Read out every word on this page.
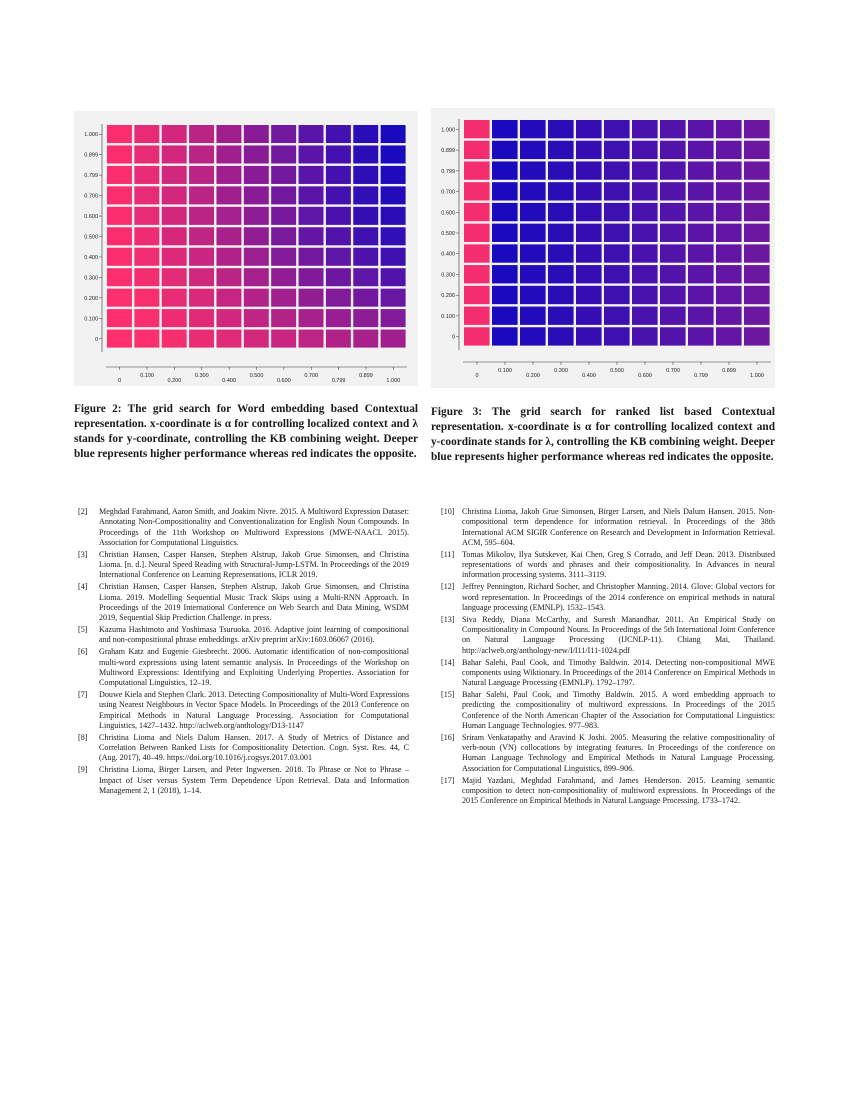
1.000
0.899
0.799
0.700
0.600
0.500
0.400
0.300
0.200
0.100
0
0
0.100
0.200
0.300
0.400
0.500
0.600
0.700
0.799
0.899
1.000
Figure 2: The grid search for Word embedding based Contextual representation. x-coordinate is α for controlling localized context and λ stands for y-coordinate, controlling the KB combining weight. Deeper blue represents higher performance whereas red indicates the opposite.
1.000
0.899
0.799
0.700
0.600
0.500
0.400
0.300
0.200
0.100
0
0
0.100
0.200
0.300
0.400
0.500
0.600
0.700
0.799
0.899
1.000
Figure 3: The grid search for ranked list based Contextual representation. x-coordinate is α for controlling localized context and y-coordinate stands for λ, controlling the KB combining weight. Deeper blue represents higher performance whereas red indicates the opposite.
[2] Meghdad Farahmand, Aaron Smith, and Joakim Nivre. 2015. A Multiword Expression Dataset: Annotating Non-Compositionality and Conventionalization for English Noun Compounds. In Proceedings of the 11th Workshop on Multiword Expressions (MWE-NAACL 2015). Association for Computational Linguistics.
[3] Christian Hansen, Casper Hansen, Stephen Alstrup, Jakob Grue Simonsen, and Christina Lioma. [n. d.]. Neural Speed Reading with Structural-Jump-LSTM. In Proceedings of the 2019 International Conference on Learning Representations, ICLR 2019.
[4] Christian Hansen, Casper Hansen, Stephen Alstrup, Jakob Grue Simonsen, and Christina Lioma. 2019. Modelling Sequential Music Track Skips using a Multi-RNN Approach. In Proceedings of the 2019 International Conference on Web Search and Data Mining, WSDM 2019, Sequential Skip Prediction Challenge. in press.
[5] Kazuma Hashimoto and Yoshimasa Tsuruoka. 2016. Adaptive joint learning of compositional and non-compositional phrase embeddings. arXiv preprint arXiv:1603.06067 (2016).
[6] Graham Katz and Eugenie Giesbrecht. 2006. Automatic identification of non-compositional multi-word expressions using latent semantic analysis. In Proceedings of the Workshop on Multiword Expressions: Identifying and Exploiting Underlying Properties. Association for Computational Linguistics, 12–19.
[7] Douwe Kiela and Stephen Clark. 2013. Detecting Compositionality of Multi-Word Expressions using Nearest Neighbours in Vector Space Models. In Proceedings of the 2013 Conference on Empirical Methods in Natural Language Processing. Association for Computational Linguistics, 1427–1432. http://aclweb.org/anthology/D13-1147
[8] Christina Lioma and Niels Dalum Hansen. 2017. A Study of Metrics of Distance and Correlation Between Ranked Lists for Compositionality Detection. Cogn. Syst. Res. 44, C (Aug. 2017), 40–49. https://doi.org/10.1016/j.cogsys.2017.03.001
[9] Christina Lioma, Birger Larsen, and Peter Ingwersen. 2018. To Phrase or Not to Phrase – Impact of User versus System Term Dependence Upon Retrieval. Data and Information Management 2, 1 (2018), 1–14.
[10] Christina Lioma, Jakob Grue Simonsen, Birger Larsen, and Niels Dalum Hansen. 2015. Non-compositional term dependence for information retrieval. In Proceedings of the 38th International ACM SIGIR Conference on Research and Development in Information Retrieval. ACM, 595–604.
[11] Tomas Mikolov, Ilya Sutskever, Kai Chen, Greg S Corrado, and Jeff Dean. 2013. Distributed representations of words and phrases and their compositionality. In Advances in neural information processing systems. 3111–3119.
[12] Jeffrey Pennington, Richard Socher, and Christopher Manning. 2014. Glove: Global vectors for word representation. In Proceedings of the 2014 conference on empirical methods in natural language processing (EMNLP). 1532–1543.
[13] Siva Reddy, Diana McCarthy, and Suresh Manandhar. 2011. An Empirical Study on Compositionality in Compound Nouns. In Proceedings of the 5th International Joint Conference on Natural Language Processing (IJCNLP-11). Chiang Mai, Thailand. http://aclweb.org/anthology-new/I/I11/I11-1024.pdf
[14] Bahar Salehi, Paul Cook, and Timothy Baldwin. 2014. Detecting non-compositional MWE components using Wiktionary. In Proceedings of the 2014 Conference on Empirical Methods in Natural Language Processing (EMNLP). 1792–1797.
[15] Bahar Salehi, Paul Cook, and Timothy Baldwin. 2015. A word embedding approach to predicting the compositionality of multiword expressions. In Proceedings of the 2015 Conference of the North American Chapter of the Association for Computational Linguistics: Human Language Technologies. 977–983.
[16] Sriram Venkatapathy and Aravind K Joshi. 2005. Measuring the relative compositionality of verb-noun (VN) collocations by integrating features. In Proceedings of the conference on Human Language Technology and Empirical Methods in Natural Language Processing. Association for Computational Linguistics, 899–906.
[17] Majid Yazdani, Meghdad Farahmand, and James Henderson. 2015. Learning semantic composition to detect non-compositionality of multiword expressions. In Proceedings of the 2015 Conference on Empirical Methods in Natural Language Processing. 1733–1742.
